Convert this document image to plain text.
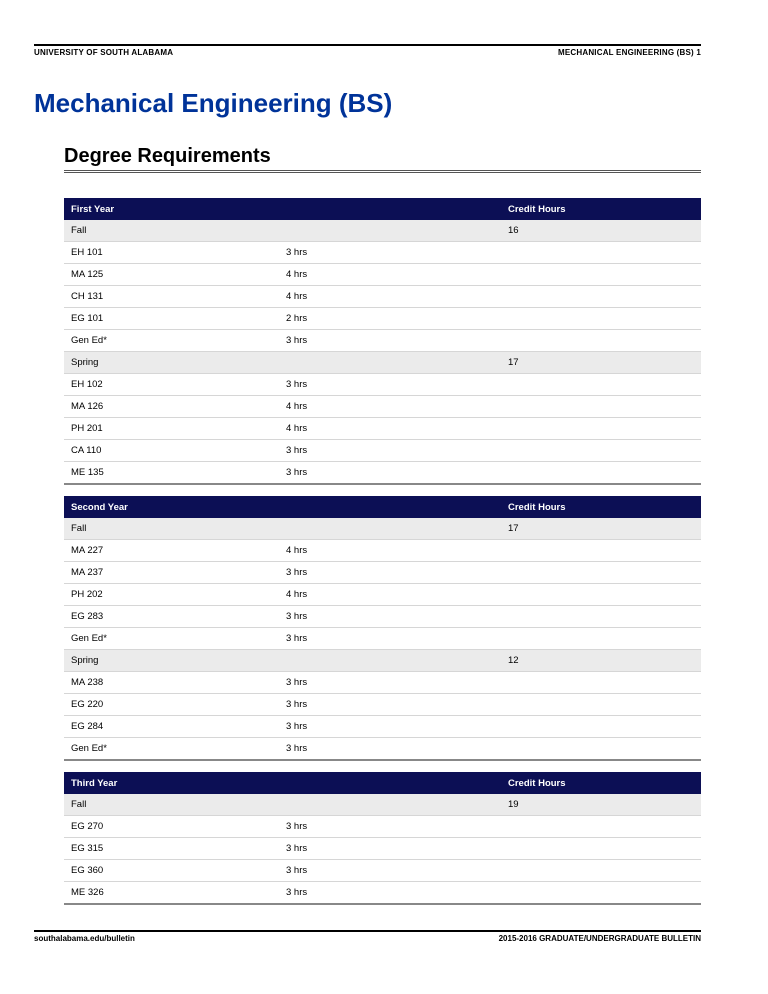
UNIVERSITY OF SOUTH ALABAMA	MECHANICAL ENGINEERING (BS) 1
Mechanical Engineering (BS)
Degree Requirements
First Year		Credit Hours
Fall		16
EH 101	3 hrs	
MA 125	4 hrs	
CH 131	4 hrs	
EG 101	2 hrs	
Gen Ed*	3 hrs	
Spring		17
EH 102	3 hrs	
MA 126	4 hrs	
PH 201	4 hrs	
CA 110	3 hrs	
ME 135	3 hrs	
Second Year		Credit Hours
Fall		17
MA 227	4 hrs	
MA 237	3 hrs	
PH 202	4 hrs	
EG 283	3 hrs	
Gen Ed*	3 hrs	
Spring		12
MA 238	3 hrs	
EG 220	3 hrs	
EG 284	3 hrs	
Gen Ed*	3 hrs	
Third Year		Credit Hours
Fall		19
EG 270	3 hrs	
EG 315	3 hrs	
EG 360	3 hrs	
ME 326	3 hrs	
southalabama.edu/bulletin	2015-2016 GRADUATE/UNDERGRADUATE BULLETIN
